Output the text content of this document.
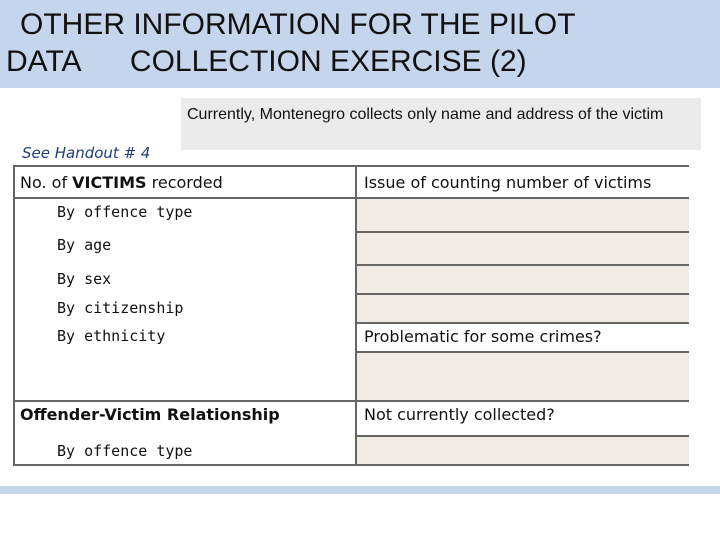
OTHER INFORMATION FOR THE PILOT
DATA      COLLECTION EXERCISE (2)
Currently, Montenegro collects only name and address of the victim
See Handout # 4
No. of VICTIMS recorded	Issue of counting number of victims
By offence type
By age
By sex
By citizenship
By ethnicity	Problematic for some crimes?
Offender-Victim Relationship	Not currently collected?
By offence type
